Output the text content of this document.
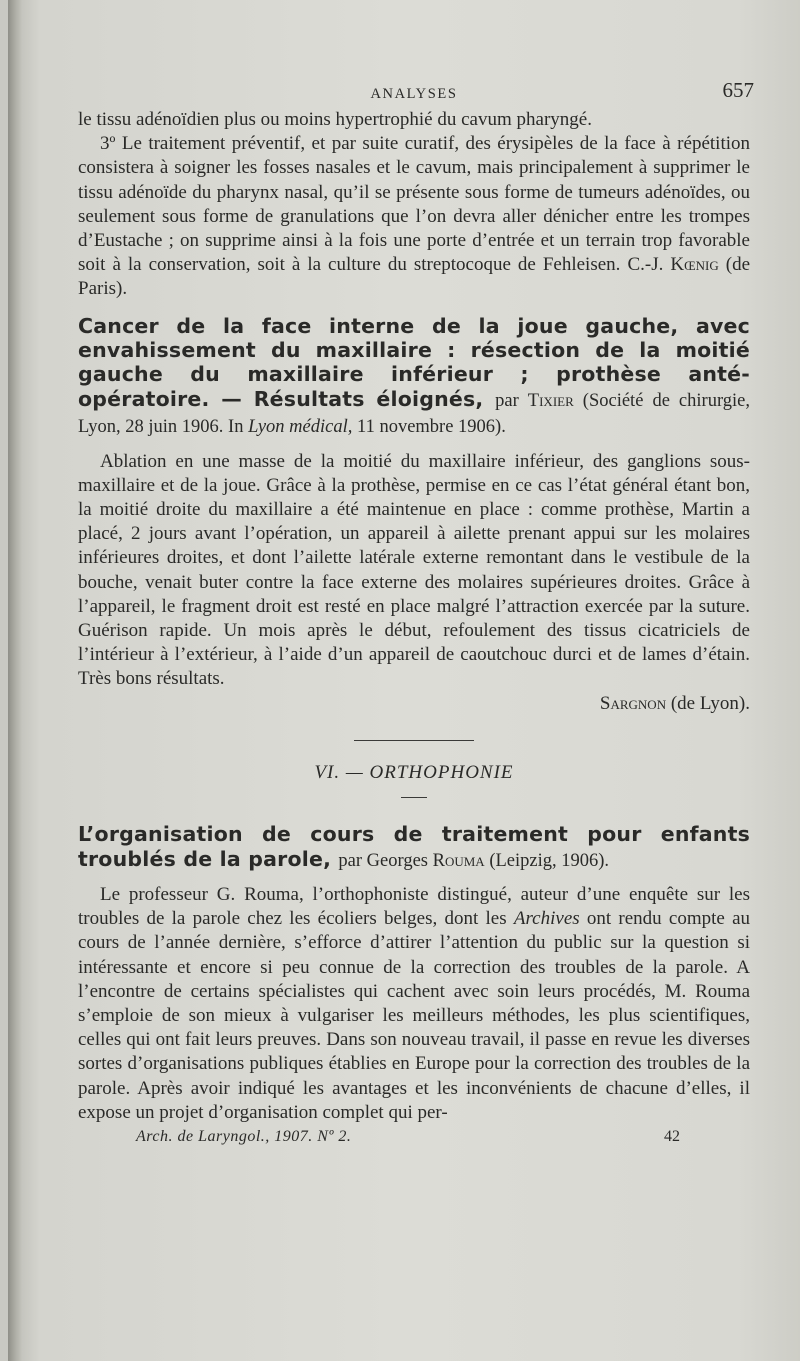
ANALYSES	657

le tissu adénoïdien plus ou moins hypertrophié du cavum pharyngé.

3º Le traitement préventif, et par suite curatif, des érysipèles de la face à répétition consistera à soigner les fosses nasales et le cavum, mais principalement à supprimer le tissu adénoïde du pharynx nasal, qu’il se présente sous forme de tumeurs adénoïdes, ou seulement sous forme de granulations que l’on devra aller dénicher entre les trompes d’Eustache ; on supprime ainsi à la fois une porte d’entrée et un terrain trop favorable soit à la conservation, soit à la culture du streptocoque de Fehleisen. C.-J. Kœnig (de Paris).

Cancer de la face interne de la joue gauche, avec envahissement du maxillaire : résection de la moitié gauche du maxillaire inférieur ; prothèse anté-opératoire. — Résultats éloignés, par Tixier (Société de chirurgie, Lyon, 28 juin 1906. In Lyon médical, 11 novembre 1906).

Ablation en une masse de la moitié du maxillaire inférieur, des ganglions sous-maxillaire et de la joue. Grâce à la prothèse, permise en ce cas l’état général étant bon, la moitié droite du maxillaire a été maintenue en place : comme prothèse, Martin a placé, 2 jours avant l’opération, un appareil à ailette prenant appui sur les molaires inférieures droites, et dont l’ailette latérale externe remontant dans le vestibule de la bouche, venait buter contre la face externe des molaires supérieures droites. Grâce à l’appareil, le fragment droit est resté en place malgré l’attraction exercée par la suture. Guérison rapide. Un mois après le début, refoulement des tissus cicatriciels de l’intérieur à l’extérieur, à l’aide d’un appareil de caoutchouc durci et de lames d’étain. Très bons résultats.

Sargnon (de Lyon).

VI. — ORTHOPHONIE

L’organisation de cours de traitement pour enfants troublés de la parole, par Georges Rouma (Leipzig, 1906).

Le professeur G. Rouma, l’orthophoniste distingué, auteur d’une enquête sur les troubles de la parole chez les écoliers belges, dont les Archives ont rendu compte au cours de l’année dernière, s’efforce d’attirer l’attention du public sur la question si intéressante et encore si peu connue de la correction des troubles de la parole. A l’encontre de certains spécialistes qui cachent avec soin leurs procédés, M. Rouma s’emploie de son mieux à vulgariser les meilleurs méthodes, les plus scientifiques, celles qui ont fait leurs preuves. Dans son nouveau travail, il passe en revue les diverses sortes d’organisations publiques établies en Europe pour la correction des troubles de la parole. Après avoir indiqué les avantages et les inconvénients de chacune d’elles, il expose un projet d’organisation complet qui per-

Arch. de Laryngol., 1907. Nº 2.	42
